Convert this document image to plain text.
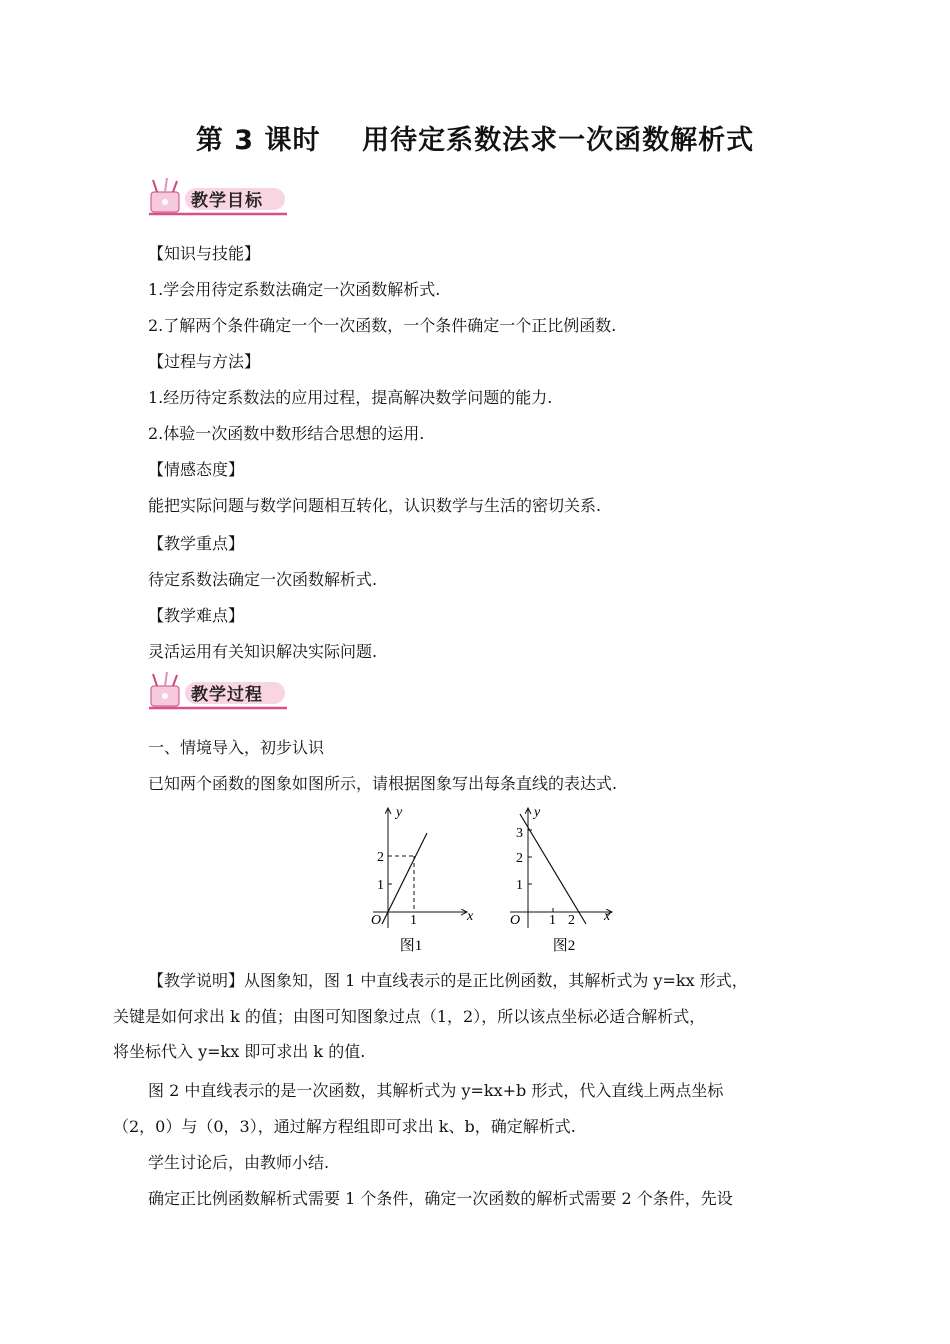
第 3 课时    用待定系数法求一次函数解析式
教学目标
【知识与技能】
1.学会用待定系数法确定一次函数解析式.
2.了解两个条件确定一个一次函数，一个条件确定一个正比例函数.
【过程与方法】
1.经历待定系数法的应用过程，提高解决数学问题的能力.
2.体验一次函数中数形结合思想的运用.
【情感态度】
能把实际问题与数学问题相互转化，认识数学与生活的密切关系.
【教学重点】
待定系数法确定一次函数解析式.
【教学难点】
灵活运用有关知识解决实际问题.
教学过程
一、情境导入，初步认识
已知两个函数的图象如图所示，请根据图象写出每条直线的表达式.
y
x
O
2
1
1
图1
y
x
O
3
2
1
1 2
图2

【教学说明】从图象知，图 1 中直线表示的是正比例函数，其解析式为 y=kx 形式，

关键是如何求出 k 的值；由图可知图象过点（1，2），所以该点坐标必适合解析式，

将坐标代入 y=kx 即可求出 k 的值.

图 2 中直线表示的是一次函数，其解析式为 y=kx+b 形式，代入直线上两点坐标

（2，0）与（0，3），通过解方程组即可求出 k、b，确定解析式.

学生讨论后，由教师小结.

确定正比例函数解析式需要 1 个条件，确定一次函数的解析式需要 2 个条件，先设
